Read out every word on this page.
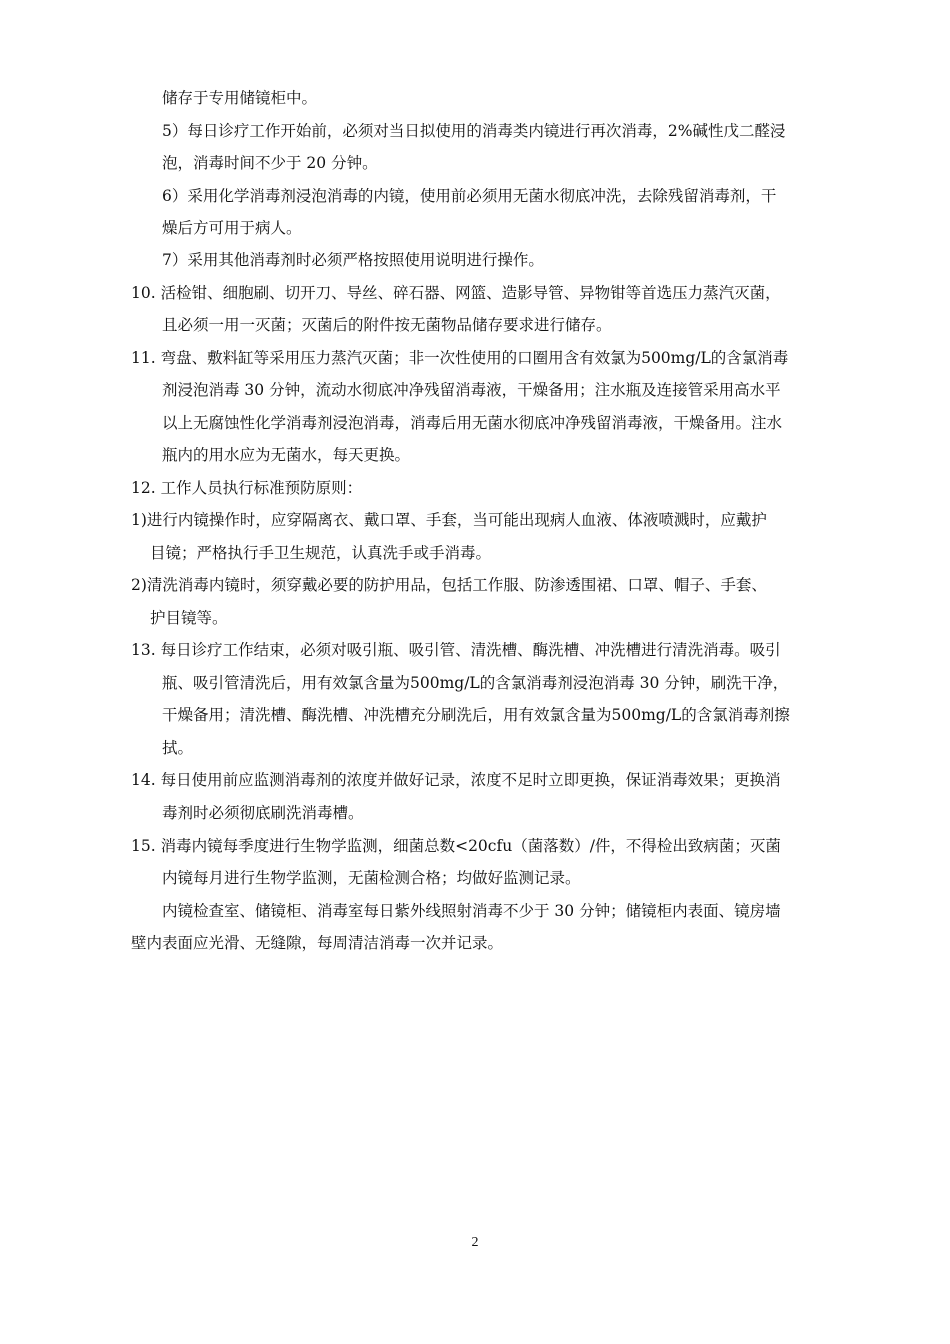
储存于专用储镜柜中。
5）每日诊疗工作开始前，必须对当日拟使用的消毒类内镜进行再次消毒，2%碱性戊二醛浸
泡，消毒时间不少于 20 分钟。
6）采用化学消毒剂浸泡消毒的内镜，使用前必须用无菌水彻底冲洗，去除残留消毒剂，干
燥后方可用于病人。
7）采用其他消毒剂时必须严格按照使用说明进行操作。
10. 活检钳、细胞刷、切开刀、导丝、碎石器、网篮、造影导管、异物钳等首选压力蒸汽灭菌，
且必须一用一灭菌；灭菌后的附件按无菌物品储存要求进行储存。
11. 弯盘、敷料缸等采用压力蒸汽灭菌；非一次性使用的口圈用含有效氯为500mg/L的含氯消毒
剂浸泡消毒 30 分钟，流动水彻底冲净残留消毒液，干燥备用；注水瓶及连接管采用高水平
以上无腐蚀性化学消毒剂浸泡消毒，消毒后用无菌水彻底冲净残留消毒液，干燥备用。注水
瓶内的用水应为无菌水，每天更换。
12. 工作人员执行标准预防原则：
1)进行内镜操作时，应穿隔离衣、戴口罩、手套，当可能出现病人血液、体液喷溅时，应戴护
目镜；严格执行手卫生规范，认真洗手或手消毒。
2)清洗消毒内镜时，须穿戴必要的防护用品，包括工作服、防渗透围裙、口罩、帽子、手套、
护目镜等。
13. 每日诊疗工作结束，必须对吸引瓶、吸引管、清洗槽、酶洗槽、冲洗槽进行清洗消毒。吸引
瓶、吸引管清洗后，用有效氯含量为500mg/L的含氯消毒剂浸泡消毒 30 分钟，刷洗干净，
干燥备用；清洗槽、酶洗槽、冲洗槽充分刷洗后，用有效氯含量为500mg/L的含氯消毒剂擦
拭。
14. 每日使用前应监测消毒剂的浓度并做好记录，浓度不足时立即更换，保证消毒效果；更换消
毒剂时必须彻底刷洗消毒槽。
15. 消毒内镜每季度进行生物学监测，细菌总数<20cfu（菌落数）/件，不得检出致病菌；灭菌
内镜每月进行生物学监测，无菌检测合格；均做好监测记录。
内镜检查室、储镜柜、消毒室每日紫外线照射消毒不少于 30 分钟；储镜柜内表面、镜房墙
壁内表面应光滑、无缝隙，每周清洁消毒一次并记录。
2
